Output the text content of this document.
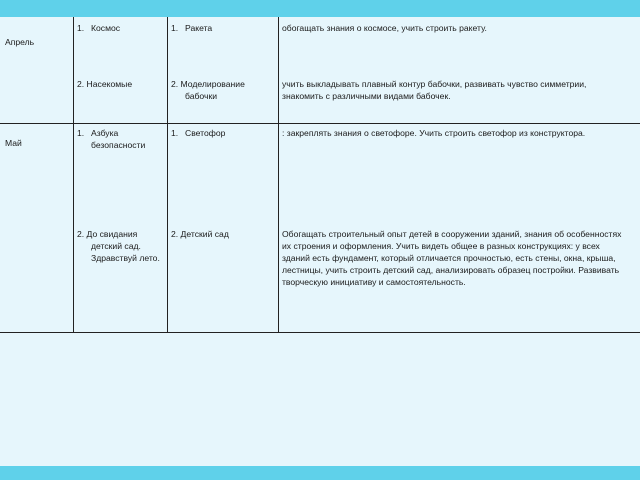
Апрель
1. Космос
2. Насекомые
1. Ракета
2. Моделирование
бабочки
обогащать знания о космосе, учить строить ракету.
учить выкладывать плавный контур бабочки, развивать чувство симметрии,
знакомить с различными видами бабочек.
Май
1. Азбука
безопасности
2. До свидания
детский сад.
Здравствуй лето.
1. Светофор
2. Детский сад
: закреплять знания о светофоре. Учить строить светофор из конструктора.
Обогащать строительный опыт детей в сооружении зданий, знания об особенностях
их строения и оформления. Учить видеть общее в разных конструкциях: у всех
зданий есть фундамент, который отличается прочностью, есть стены, окна, крыша,
лестницы, учить строить детский сад, анализировать образец постройки. Развивать
творческую инициативу и самостоятельность.
